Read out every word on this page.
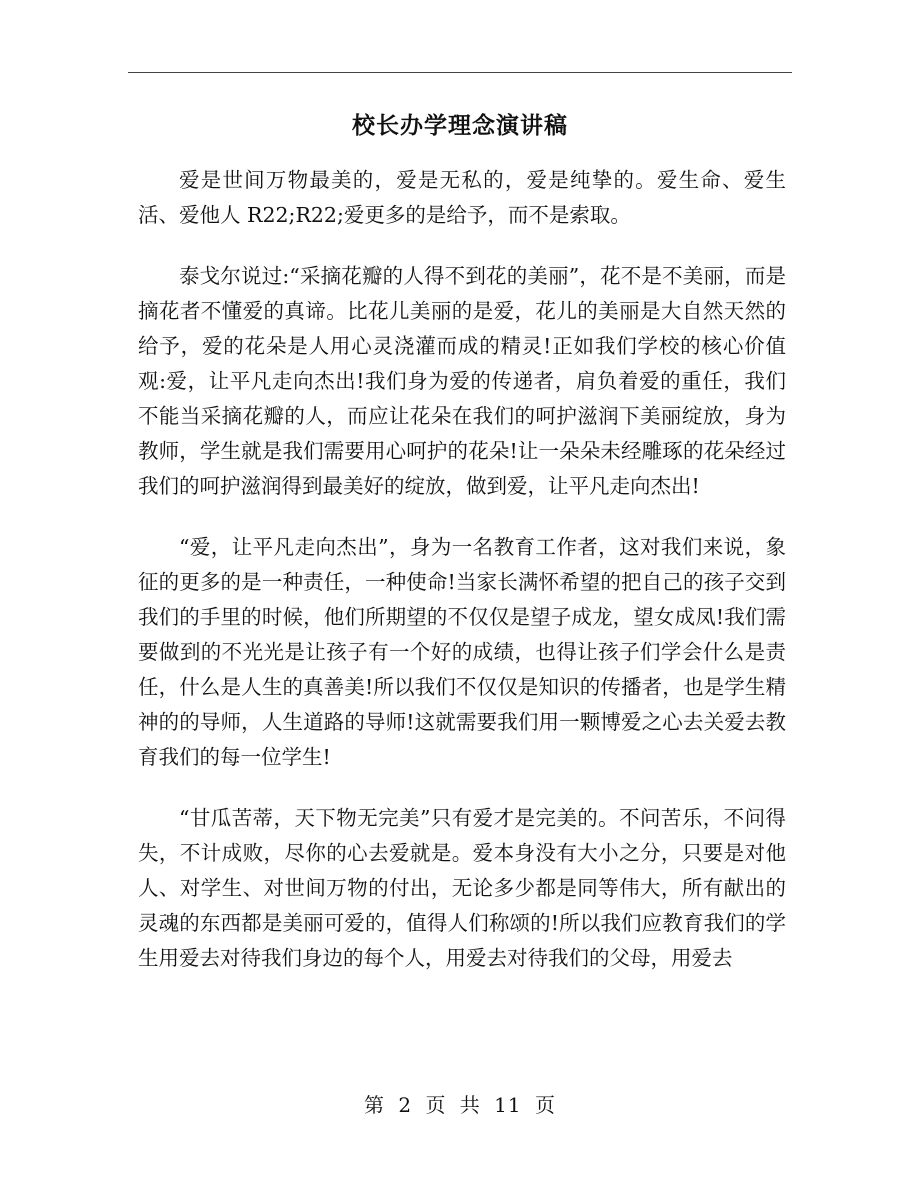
校长办学理念演讲稿

爱是世间万物最美的，爱是无私的，爱是纯挚的。爱生命、爱生活、爱他人 R22;R22;爱更多的是给予，而不是索取。

泰戈尔说过:“采摘花瓣的人得不到花的美丽”，花不是不美丽，而是摘花者不懂爱的真谛。比花儿美丽的是爱，花儿的美丽是大自然天然的给予，爱的花朵是人用心灵浇灌而成的精灵!正如我们学校的核心价值观:爱，让平凡走向杰出!我们身为爱的传递者，肩负着爱的重任，我们不能当采摘花瓣的人，而应让花朵在我们的呵护滋润下美丽绽放，身为教师，学生就是我们需要用心呵护的花朵!让一朵朵未经雕琢的花朵经过我们的呵护滋润得到最美好的绽放，做到爱，让平凡走向杰出!

“爱，让平凡走向杰出”，身为一名教育工作者，这对我们来说，象征的更多的是一种责任，一种使命!当家长满怀希望的把自己的孩子交到我们的手里的时候，他们所期望的不仅仅是望子成龙，望女成凤!我们需要做到的不光光是让孩子有一个好的成绩，也得让孩子们学会什么是责任，什么是人生的真善美!所以我们不仅仅是知识的传播者，也是学生精神的的导师，人生道路的导师!这就需要我们用一颗博爱之心去关爱去教育我们的每一位学生!

“甘瓜苦蒂，天下物无完美”只有爱才是完美的。不问苦乐，不问得失，不计成败，尽你的心去爱就是。爱本身没有大小之分，只要是对他人、对学生、对世间万物的付出，无论多少都是同等伟大，所有献出的灵魂的东西都是美丽可爱的，值得人们称颂的!所以我们应教育我们的学生用爱去对待我们身边的每个人，用爱去对待我们的父母，用爱去

第 2 页 共 11 页
